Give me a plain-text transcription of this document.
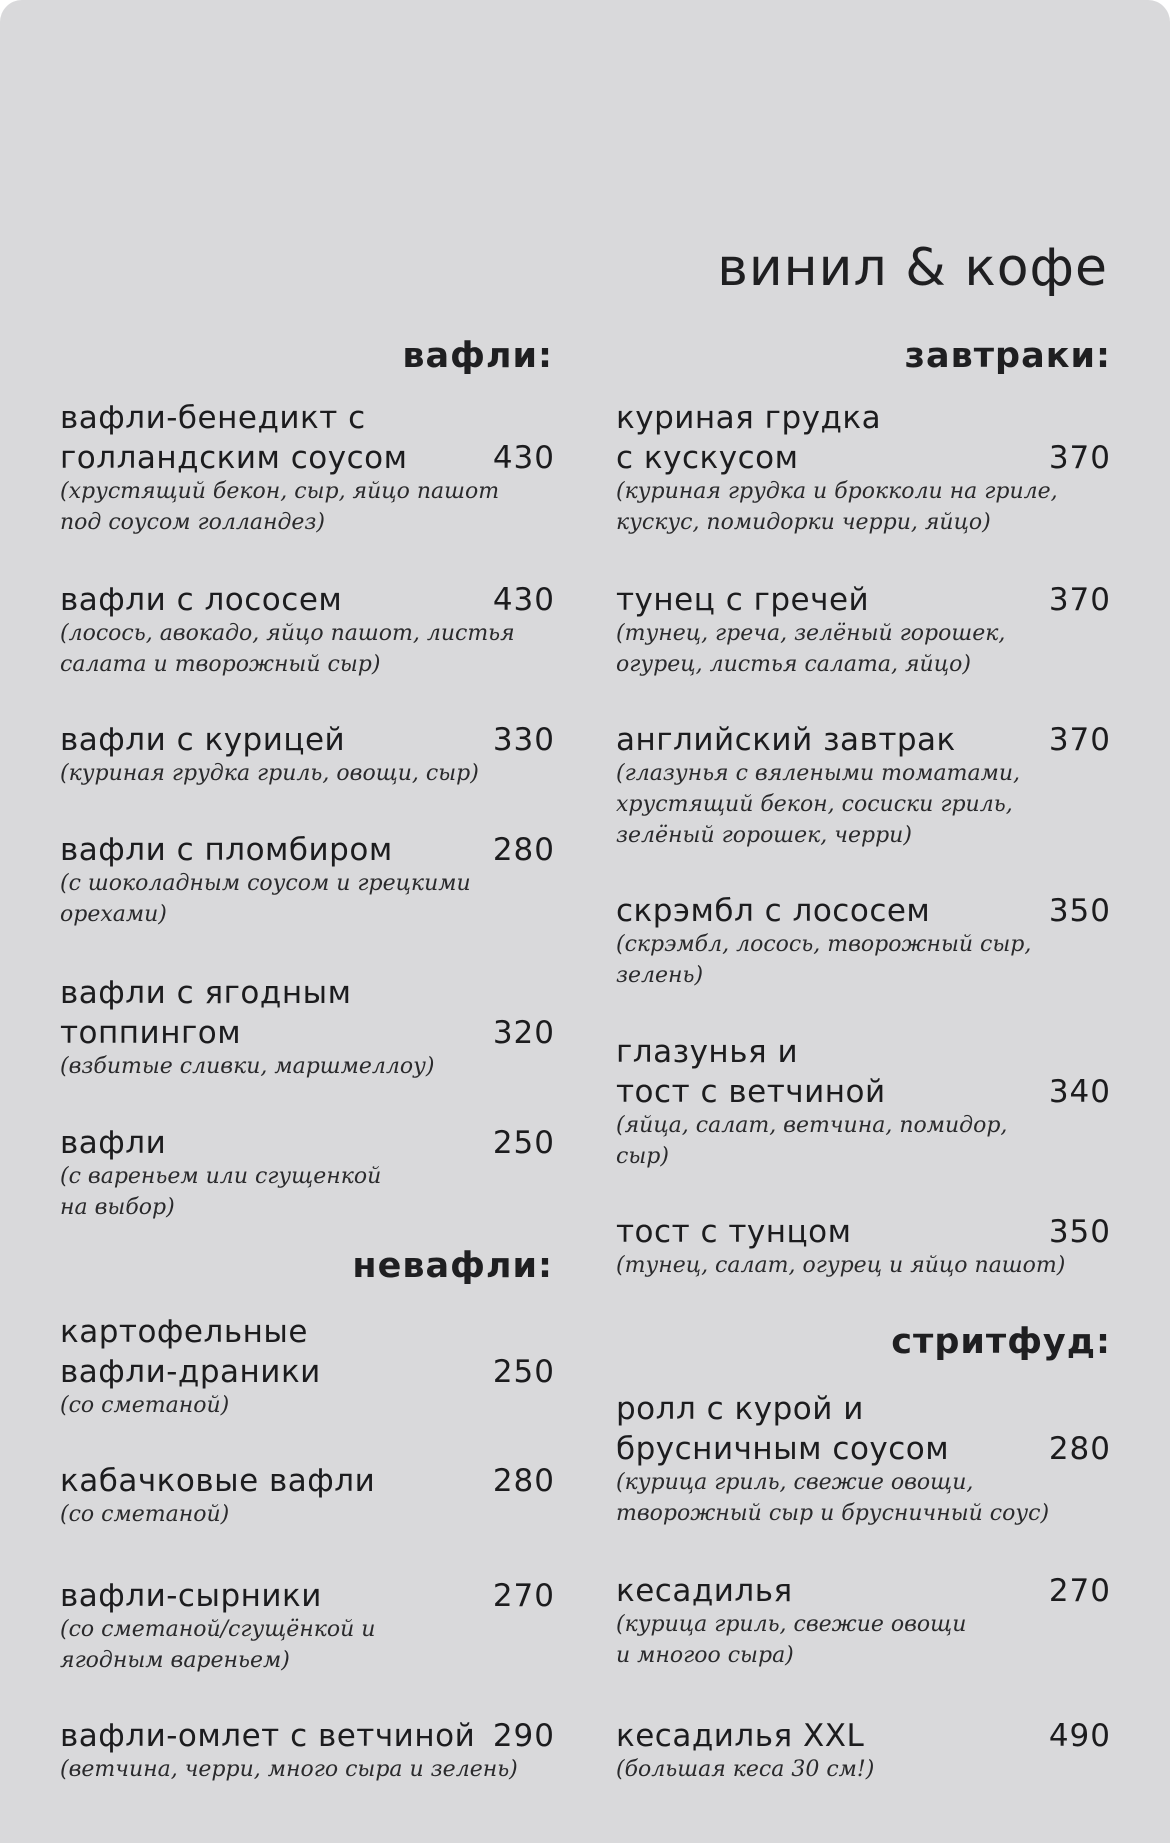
винил & кофе
вафли:
вафли-бенедикт с
голландским соусом	430
(хрустящий бекон, сыр, яйцо пашот
под соусом голландез)
вафли с лососем	430
(лосось, авокадо, яйцо пашот, листья
салата и творожный сыр)
вафли с курицей	330
(куриная грудка гриль, овощи, сыр)
вафли с пломбиром	280
(с шоколадным соусом и грецкими
орехами)
вафли с ягодным
топпингом	320
(взбитые сливки, маршмеллоу)
вафли	250
(с вареньем или сгущенкой
на выбор)
невафли:
картофельные
вафли-драники	250
(со сметаной)
кабачковые вафли	280
(со сметаной)
вафли-сырники	270
(со сметаной/сгущёнкой и
ягодным вареньем)
вафли-омлет с ветчиной 290
(ветчина, черри, много сыра и зелень)
завтраки:
куриная грудка
с кускусом	370
(куриная грудка и брокколи на гриле,
кускус, помидорки черри, яйцо)
тунец с гречей	370
(тунец, греча, зелёный горошек,
огурец, листья салата, яйцо)
английский завтрак	370
(глазунья с вялеными томатами,
хрустящий бекон, сосиски гриль,
зелёный горошек, черри)
скрэмбл с лососем	350
(скрэмбл, лосось, творожный сыр,
зелень)
глазунья и
тост с ветчиной	340
(яйца, салат, ветчина, помидор,
сыр)
тост с тунцом	350
(тунец, салат, огурец и яйцо пашот)
стритфуд:
ролл с курой и
брусничным соусом	280
(курица гриль, свежие овощи,
творожный сыр и брусничный соус)
кесадилья	270
(курица гриль, свежие овощи
и многоо сыра)
кесадилья XXL	490
(большая кеса 30 см!)
